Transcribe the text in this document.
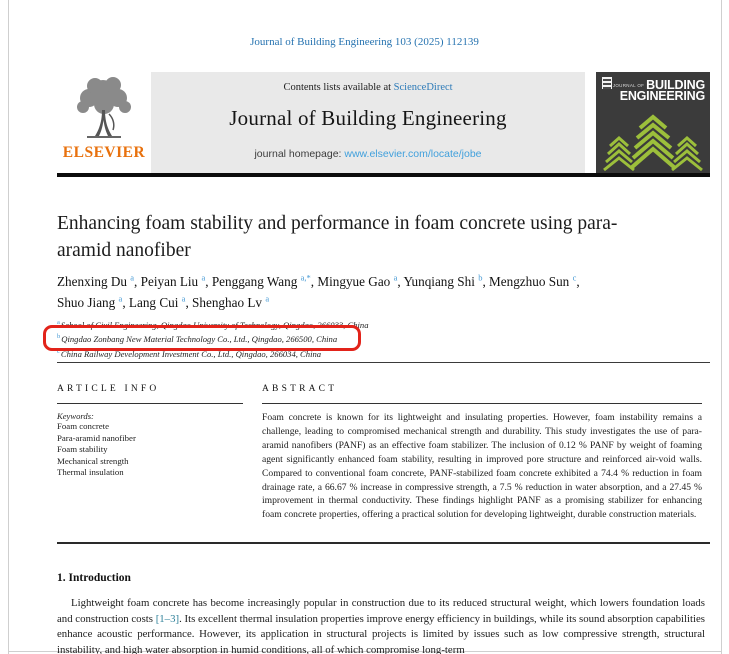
Journal of Building Engineering 103 (2025) 112139
ELSEVIER
Contents lists available at ScienceDirect
Journal of Building Engineering
journal homepage: www.elsevier.com/locate/jobe
JOURNAL OF BUILDING
ENGINEERING
Enhancing foam stability and performance in foam concrete using para-aramid nanofiber
Zhenxing Du $^a$, Peiyan Liu $^a$, Penggang Wang $^{a,*}$, Mingyue Gao $^a$, Yunqiang Shi $^b$, Mengzhuo Sun $^c$, Shuo Jiang $^a$, Lang Cui $^a$, Shenghao Lv $^a$
$^a$School of Civil Engineering, Qingdao University of Technology, Qingdao, 266033, China
$^b$Qingdao Zonbang New Material Technology Co., Ltd., Qingdao, 266500, China
$^c$China Railway Development Investment Co., Ltd., Qingdao, 266034, China
ARTICLE INFO
Keywords:
Foam concrete
Para-aramid nanofiber
Foam stability
Mechanical strength
Thermal insulation
ABSTRACT
Foam concrete is known for its lightweight and insulating properties. However, foam instability remains a challenge, leading to compromised mechanical strength and durability. This study investigates the use of para-aramid nanofibers (PANF) as an effective foam stabilizer. The inclusion of 0.12 % PANF by weight of foaming agent significantly enhanced foam stability, resulting in improved pore structure and reinforced air-void walls. Compared to conventional foam concrete, PANF-stabilized foam concrete exhibited a 74.4 % reduction in foam drainage rate, a 66.67 % increase in compressive strength, a 7.5 % reduction in water absorption, and a 27.45 % improvement in thermal conductivity. These findings highlight PANF as a promising stabilizer for enhancing foam concrete properties, offering a practical solution for developing lightweight, durable construction materials.
1. Introduction
Lightweight foam concrete has become increasingly popular in construction due to its reduced structural weight, which lowers foundation loads and construction costs [1–3]. Its excellent thermal insulation properties improve energy efficiency in buildings, while its sound absorption capabilities enhance acoustic performance. However, its application in structural projects is limited by issues such as low compressive strength, structural instability, and high water absorption in humid conditions, all of which compromise long-term
